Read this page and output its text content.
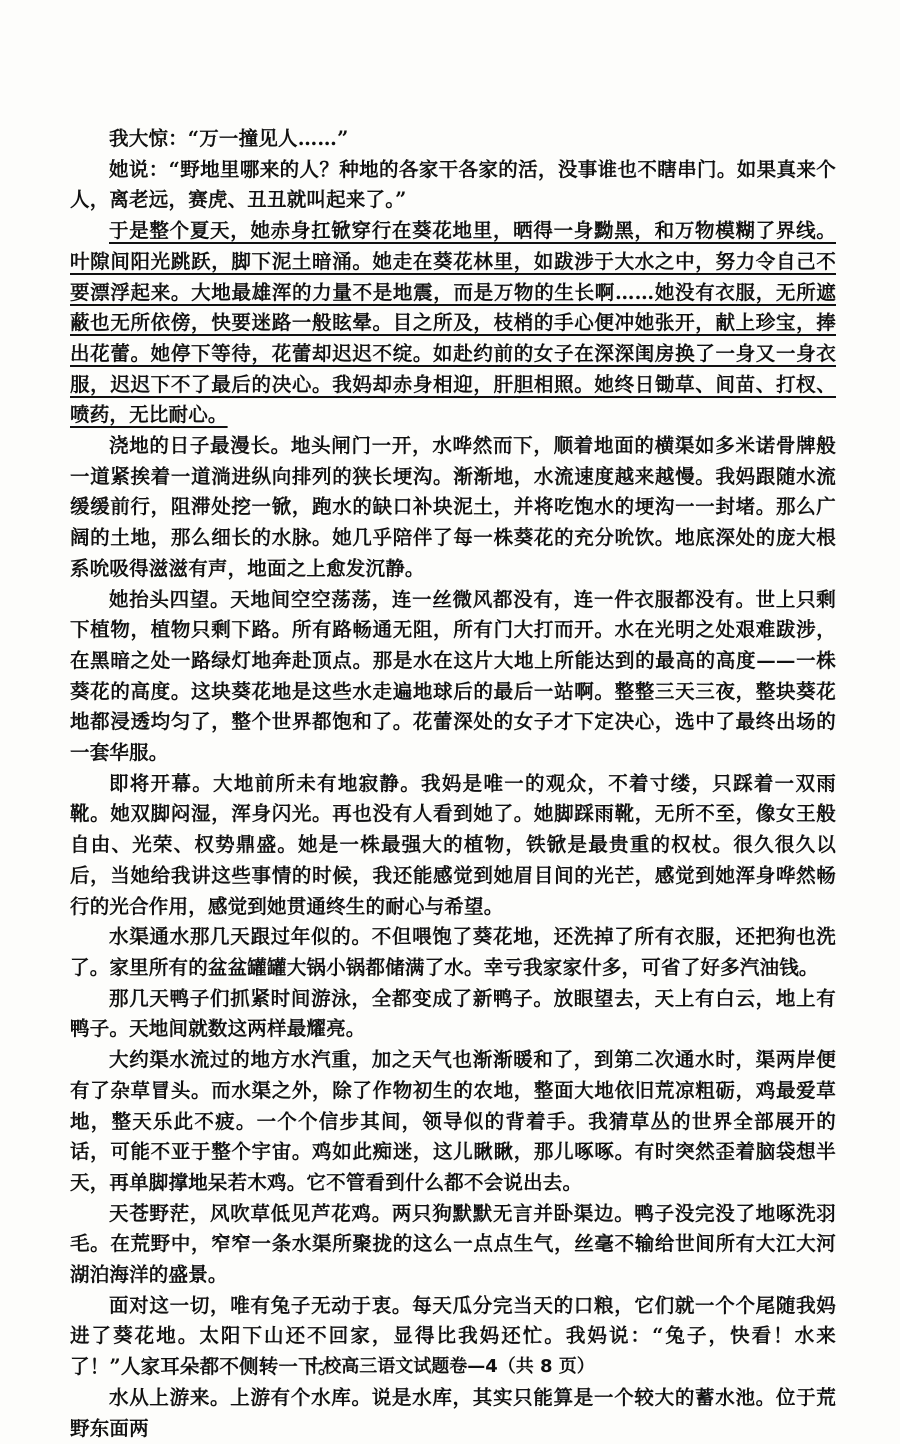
我大惊：“万一撞见人……”

她说：“野地里哪来的人？种地的各家干各家的活，没事谁也不瞎串门。如果真来个人，离老远，赛虎、丑丑就叫起来了。”

于是整个夏天，她赤身扛锨穿行在葵花地里，晒得一身黝黑，和万物模糊了界线。叶隙间阳光跳跃，脚下泥土暗涌。她走在葵花林里，如跋涉于大水之中，努力令自己不要漂浮起来。大地最雄浑的力量不是地震，而是万物的生长啊……她没有衣服，无所遮蔽也无所依傍，快要迷路一般眩晕。目之所及，枝梢的手心便冲她张开，献上珍宝，捧出花蕾。她停下等待，花蕾却迟迟不绽。如赴约前的女子在深深闺房换了一身又一身衣服，迟迟下不了最后的决心。我妈却赤身相迎，肝胆相照。她终日锄草、间苗、打杈、喷药，无比耐心。

浇地的日子最漫长。地头闸门一开，水哗然而下，顺着地面的横渠如多米诺骨牌般一道紧挨着一道淌进纵向排列的狭长埂沟。渐渐地，水流速度越来越慢。我妈跟随水流缓缓前行，阻滞处挖一锨，跑水的缺口补块泥土，并将吃饱水的埂沟一一封堵。那么广阔的土地，那么细长的水脉。她几乎陪伴了每一株葵花的充分吮饮。地底深处的庞大根系吮吸得滋滋有声，地面之上愈发沉静。

她抬头四望。天地间空空荡荡，连一丝微风都没有，连一件衣服都没有。世上只剩下植物，植物只剩下路。所有路畅通无阻，所有门大打而开。水在光明之处艰难跋涉，在黑暗之处一路绿灯地奔赴顶点。那是水在这片大地上所能达到的最高的高度——一株葵花的高度。这块葵花地是这些水走遍地球后的最后一站啊。整整三天三夜，整块葵花地都浸透均匀了，整个世界都饱和了。花蕾深处的女子才下定决心，选中了最终出场的一套华服。

即将开幕。大地前所未有地寂静。我妈是唯一的观众，不着寸缕，只踩着一双雨靴。她双脚闷湿，浑身闪光。再也没有人看到她了。她脚踩雨靴，无所不至，像女王般自由、光荣、权势鼎盛。她是一株最强大的植物，铁锨是最贵重的权杖。很久很久以后，当她给我讲这些事情的时候，我还能感觉到她眉目间的光芒，感觉到她浑身哗然畅行的光合作用，感觉到她贯通终生的耐心与希望。

水渠通水那几天跟过年似的。不但喂饱了葵花地，还洗掉了所有衣服，还把狗也洗了。家里所有的盆盆罐罐大锅小锅都储满了水。幸亏我家家什多，可省了好多汽油钱。

那几天鸭子们抓紧时间游泳，全都变成了新鸭子。放眼望去，天上有白云，地上有鸭子。天地间就数这两样最耀亮。

大约渠水流过的地方水汽重，加之天气也渐渐暖和了，到第二次通水时，渠两岸便有了杂草冒头。而水渠之外，除了作物初生的农地，整面大地依旧荒凉粗砺，鸡最爱草地，整天乐此不疲。一个个信步其间，领导似的背着手。我猜草丛的世界全部展开的话，可能不亚于整个宇宙。鸡如此痴迷，这儿瞅瞅，那儿啄啄。有时突然歪着脑袋想半天，再单脚撑地呆若木鸡。它不管看到什么都不会说出去。

天苍野茫，风吹草低见芦花鸡。两只狗默默无言并卧渠边。鸭子没完没了地啄洗羽毛。在荒野中，窄窄一条水渠所聚拢的这么一点点生气，丝毫不输给世间所有大江大河湖泊海洋的盛景。

面对这一切，唯有兔子无动于衷。每天瓜分完当天的口粮，它们就一个个尾随我妈进了葵花地。太阳下山还不回家，显得比我妈还忙。我妈说：“兔子，快看！水来了！”人家耳朵都不侧转一下。

水从上游来。上游有个水库。说是水库，其实只能算是一个较大的蓄水池。位于荒野东面两

十校高三语文试题卷—4（共 8 页）
